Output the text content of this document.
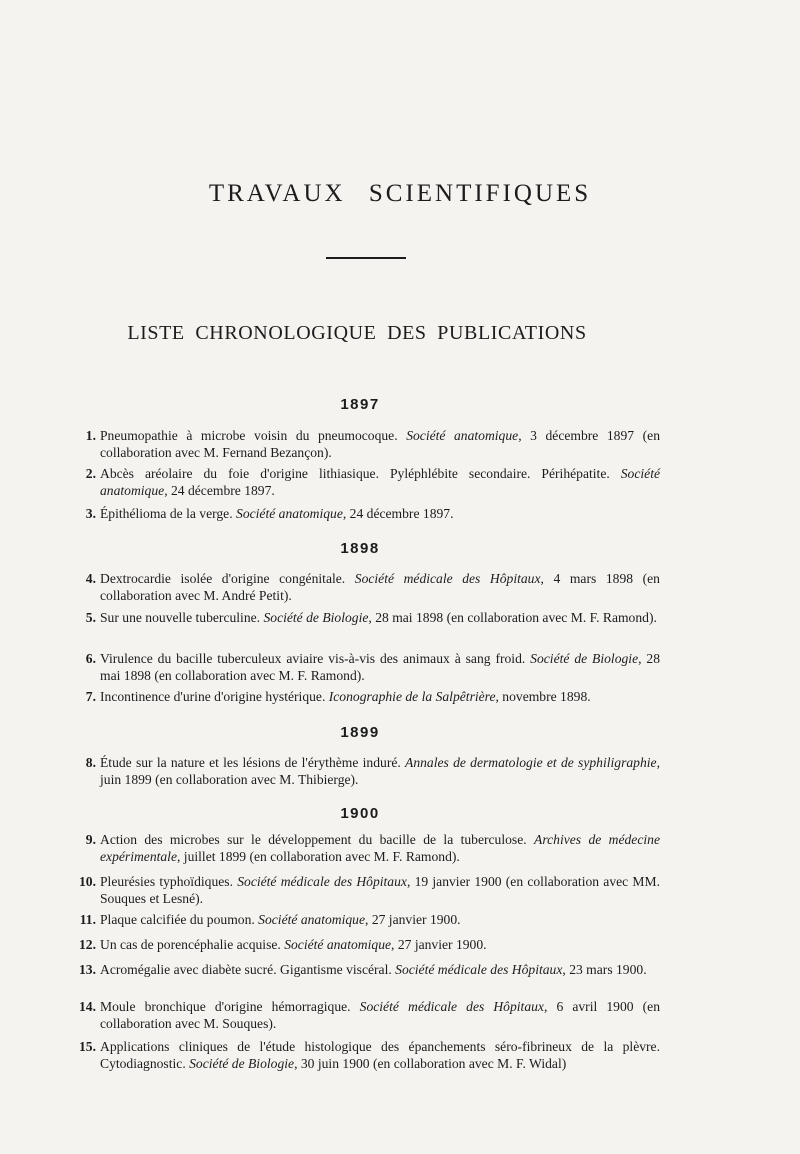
TRAVAUX SCIENTIFIQUES
LISTE CHRONOLOGIQUE DES PUBLICATIONS
1897
1. Pneumopathie à microbe voisin du pneumocoque. Société anatomique, 3 décembre 1897 (en collaboration avec M. Fernand Bezançon).
2. Abcès aréolaire du foie d'origine lithiasique. Pyléphlébite secondaire. Périhépatite. Société anatomique, 24 décembre 1897.
3. Épithélioma de la verge. Société anatomique, 24 décembre 1897.
1898
4. Dextrocardie isolée d'origine congénitale. Société médicale des Hôpitaux, 4 mars 1898 (en collaboration avec M. André Petit).
5. Sur une nouvelle tuberculine. Société de Biologie, 28 mai 1898 (en collaboration avec M. F. Ramond).
6. Virulence du bacille tuberculeux aviaire vis-à-vis des animaux à sang froid. Société de Biologie, 28 mai 1898 (en collaboration avec M. F. Ramond).
7. Incontinence d'urine d'origine hystérique. Iconographie de la Salpêtrière, novembre 1898.
1899
8. Étude sur la nature et les lésions de l'érythème induré. Annales de dermatologie et de syphiligraphie, juin 1899 (en collaboration avec M. Thibierge).
1900
9. Action des microbes sur le développement du bacille de la tuberculose. Archives de médecine expérimentale, juillet 1899 (en collaboration avec M. F. Ramond).
10. Pleurésies typhoïdiques. Société médicale des Hôpitaux, 19 janvier 1900 (en collaboration avec MM. Souques et Lesné).
11. Plaque calcifiée du poumon. Société anatomique, 27 janvier 1900.
12. Un cas de porencéphalie acquise. Société anatomique, 27 janvier 1900.
13. Acromégalie avec diabète sucré. Gigantisme viscéral. Société médicale des Hôpitaux, 23 mars 1900.
14. Moule bronchique d'origine hémorragique. Société médicale des Hôpitaux, 6 avril 1900 (en collaboration avec M. Souques).
15. Applications cliniques de l'étude histologique des épanchements séro-fibrineux de la plèvre. Cytodiagnostic. Société de Biologie, 30 juin 1900 (en collaboration avec M. F. Widal)
